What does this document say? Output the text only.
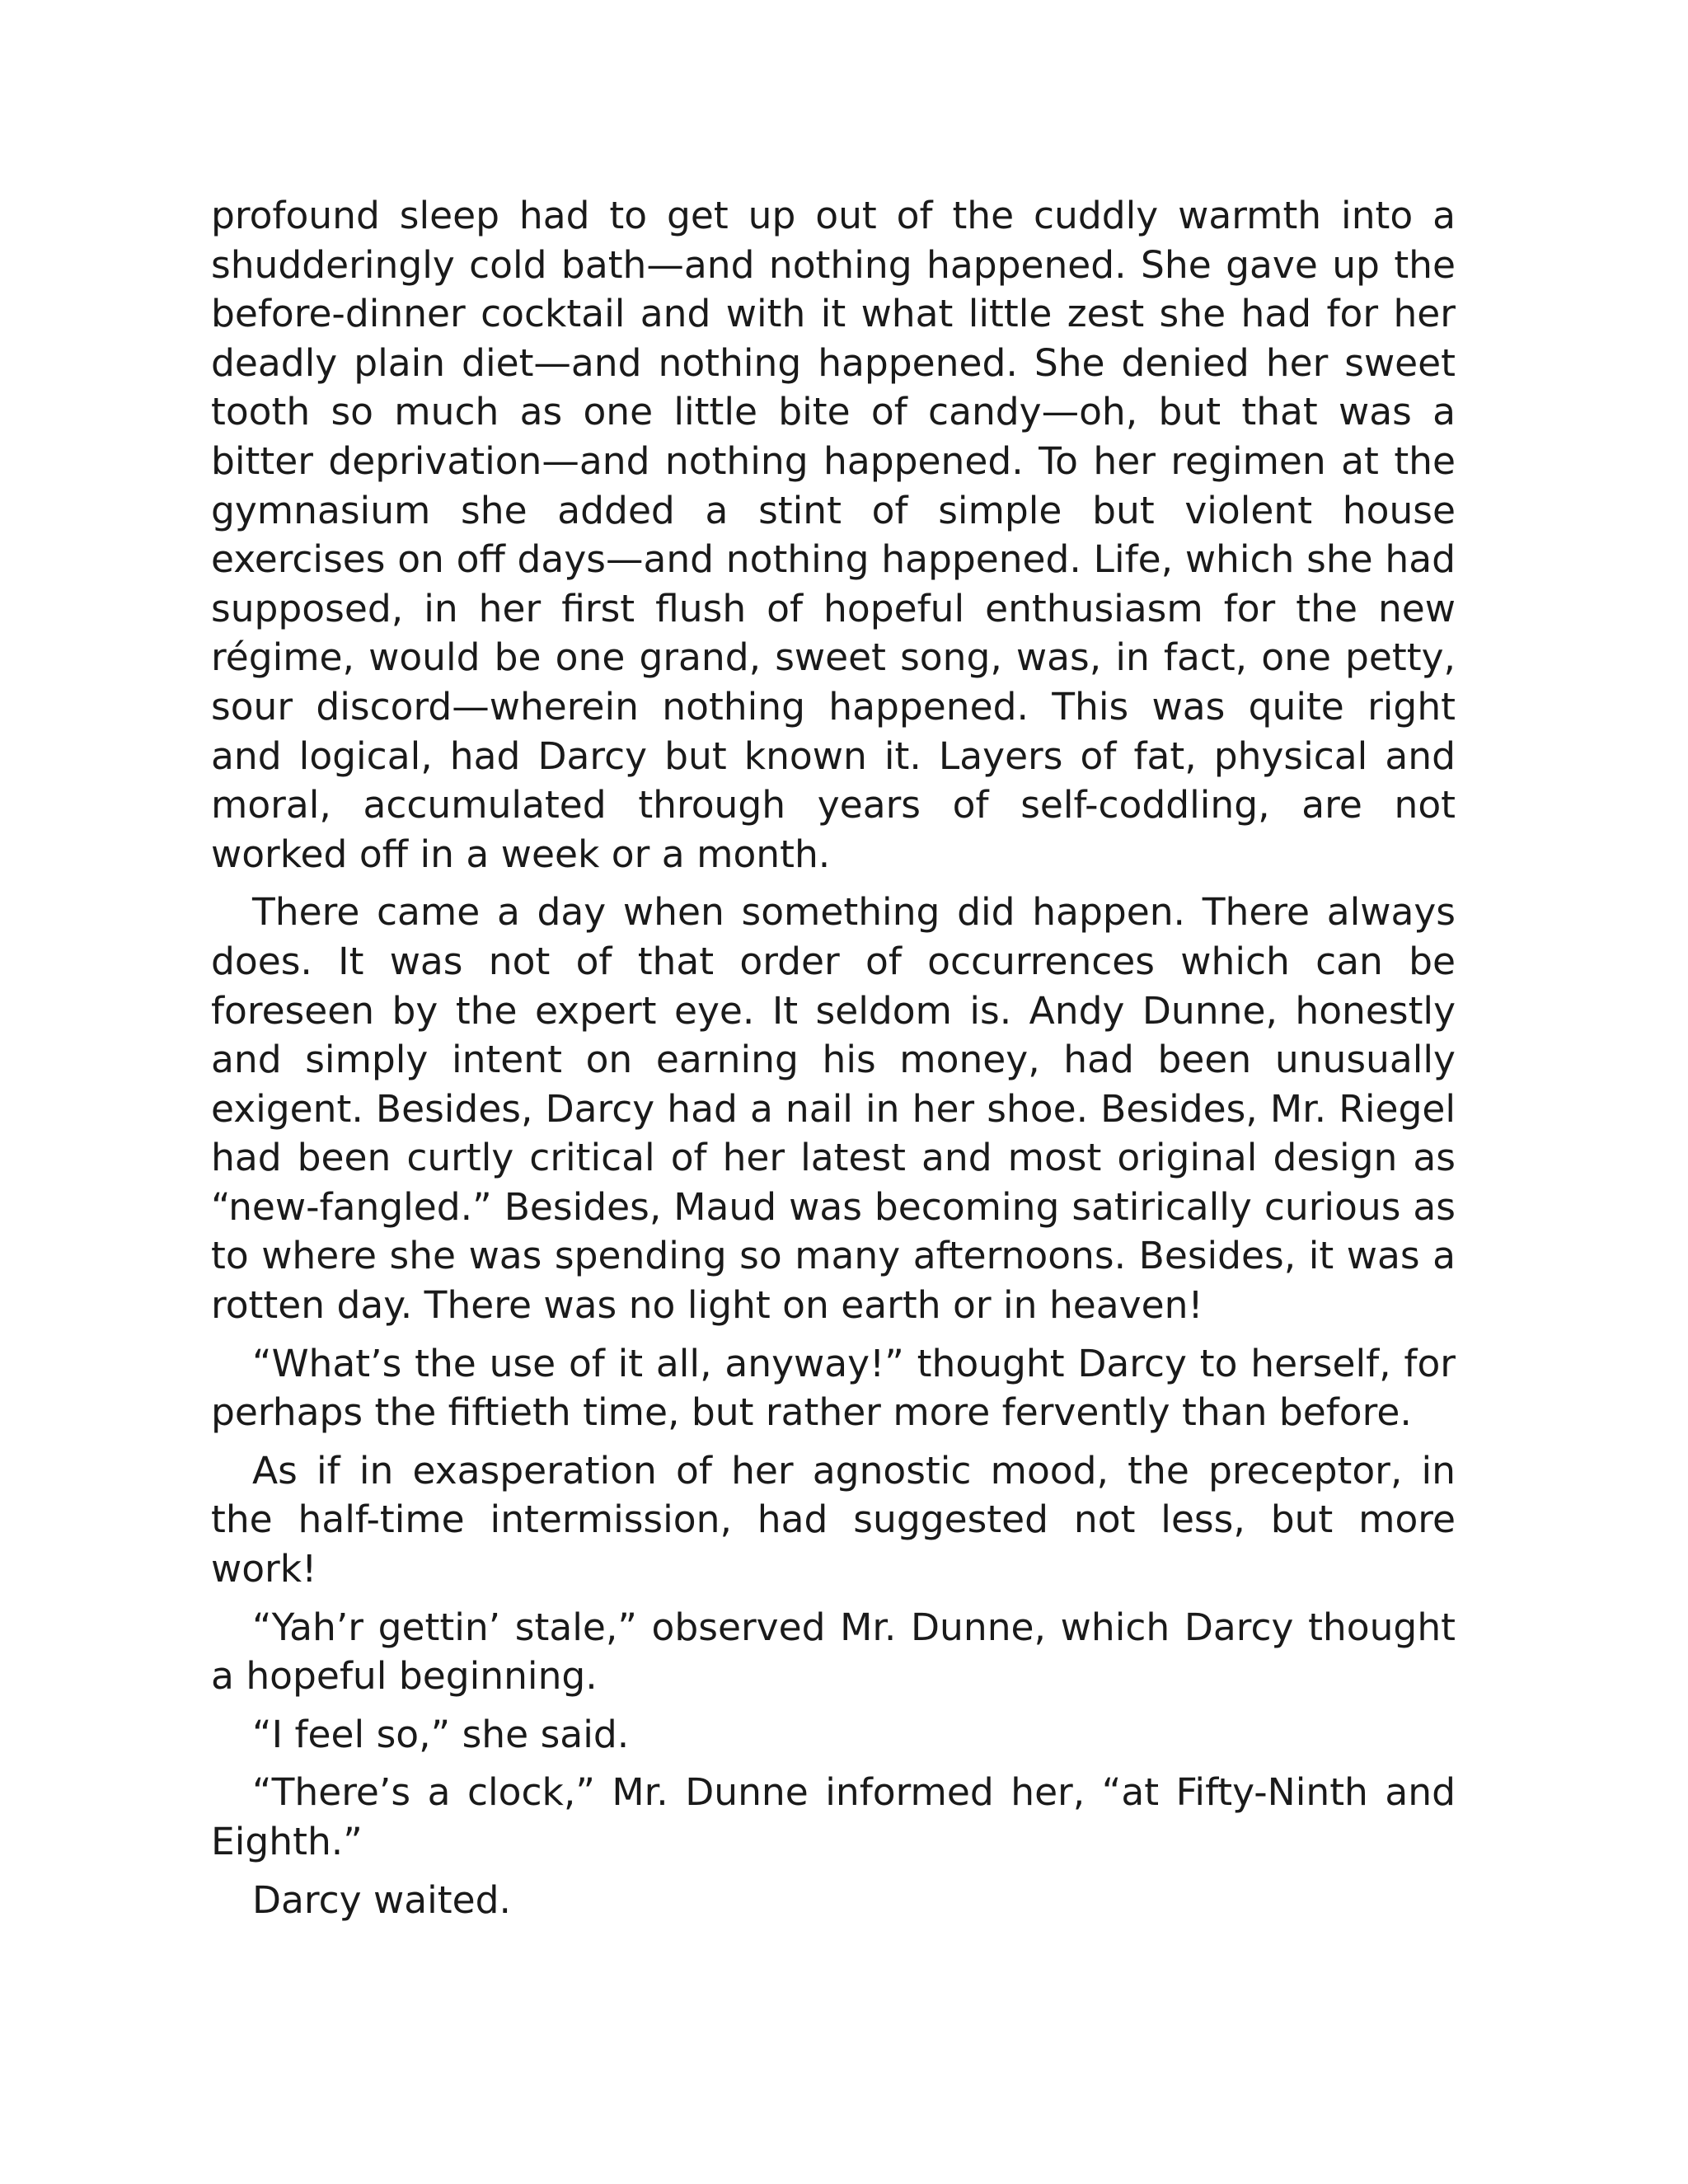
profound sleep had to get up out of the cuddly warmth into a shudderingly cold bath—and nothing happened. She gave up the before-dinner cocktail and with it what little zest she had for her deadly plain diet—and nothing happened. She denied her sweet tooth so much as one little bite of candy—oh, but that was a bitter deprivation—and nothing happened. To her regimen at the gymnasium she added a stint of simple but violent house exercises on off days—and nothing happened. Life, which she had supposed, in her first flush of hopeful enthusiasm for the new régime, would be one grand, sweet song, was, in fact, one petty, sour discord—wherein nothing happened. This was quite right and logical, had Darcy but known it. Layers of fat, physical and moral, accumulated through years of self-coddling, are not worked off in a week or a month.

There came a day when something did happen. There always does. It was not of that order of occurrences which can be foreseen by the expert eye. It seldom is. Andy Dunne, honestly and simply intent on earning his money, had been unusually exigent. Besides, Darcy had a nail in her shoe. Besides, Mr. Riegel had been curtly critical of her latest and most original design as “new-fangled.” Besides, Maud was becoming satirically curious as to where she was spending so many afternoons. Besides, it was a rotten day. There was no light on earth or in heaven!

“What’s the use of it all, anyway!” thought Darcy to herself, for perhaps the fiftieth time, but rather more fervently than before.

As if in exasperation of her agnostic mood, the preceptor, in the half-time intermission, had suggested not less, but more work!

“Yah’r gettin’ stale,” observed Mr. Dunne, which Darcy thought a hopeful beginning.

“I feel so,” she said.

“There’s a clock,” Mr. Dunne informed her, “at Fifty-Ninth and Eighth.”

Darcy waited.
